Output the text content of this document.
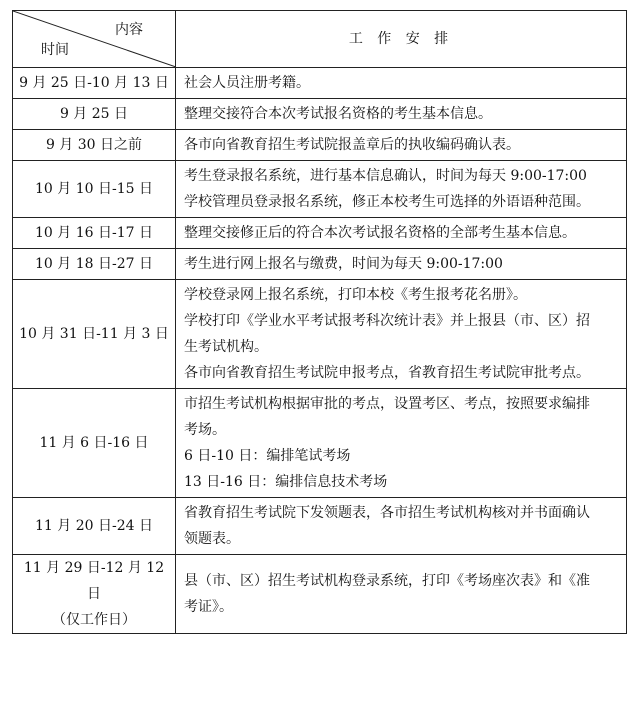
内容
时间	工 作 安 排

9 月 25 日-10 月 13 日	社会人员注册考籍。

9 月 25 日	整理交接符合本次考试报名资格的考生基本信息。

9 月 30 日之前	各市向省教育招生考试院报盖章后的执收编码确认表。

10 月 10 日-15 日	考生登录报名系统，进行基本信息确认，时间为每天 9:00-17:00
学校管理员登录报名系统，修正本校考生可选择的外语语种范围。

10 月 16 日-17 日	整理交接修正后的符合本次考试报名资格的全部考生基本信息。

10 月 18 日-27 日	考生进行网上报名与缴费，时间为每天 9:00-17:00

10 月 31 日-11 月 3 日	学校登录网上报名系统，打印本校《考生报考花名册》。
学校打印《学业水平考试报考科次统计表》并上报县（市、区）招
生考试机构。
各市向省教育招生考试院申报考点，省教育招生考试院审批考点。

11 月 6 日-16 日	市招生考试机构根据审批的考点，设置考区、考点，按照要求编排
考场。
6 日-10 日：编排笔试考场
13 日-16 日：编排信息技术考场

11 月 20 日-24 日	省教育招生考试院下发领题表，各市招生考试机构核对并书面确认
领题表。

11 月 29 日-12 月 12 日
（仅工作日）	县（市、区）招生考试机构登录系统，打印《考场座次表》和《准
考证》。
